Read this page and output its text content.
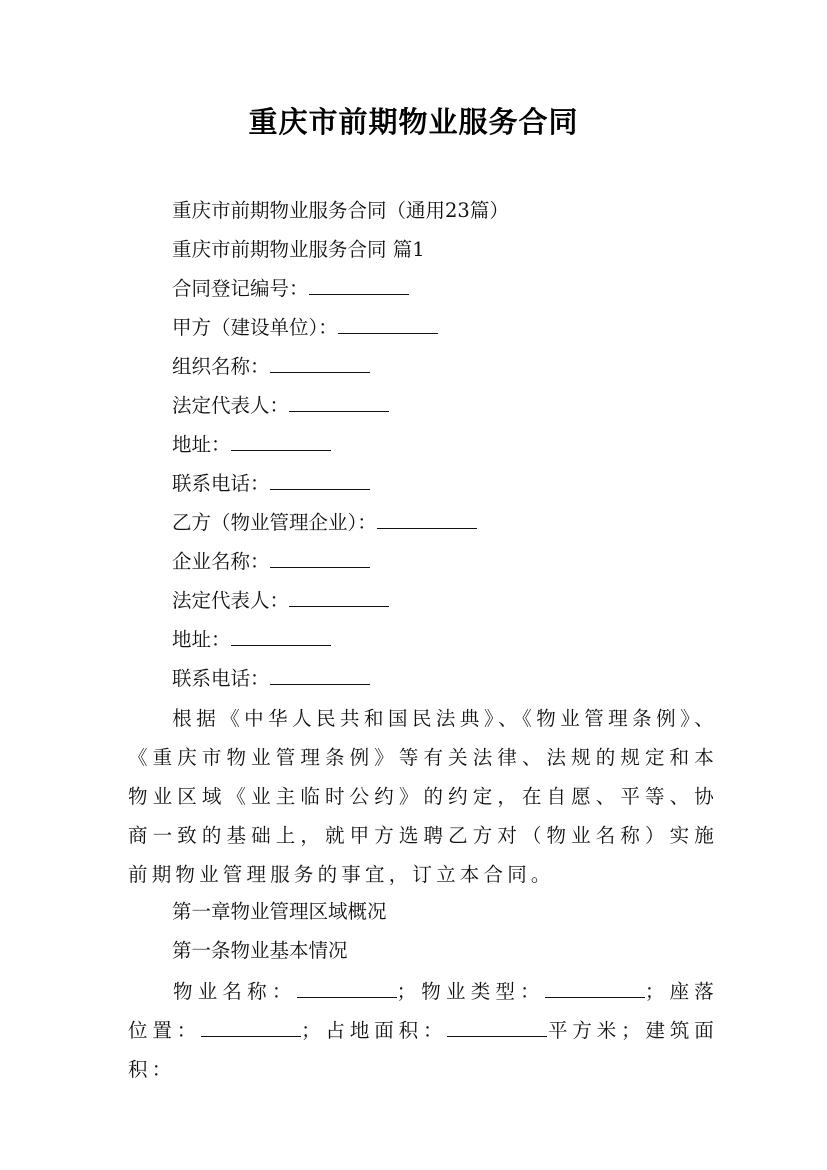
重庆市前期物业服务合同
重庆市前期物业服务合同（通用23篇）
重庆市前期物业服务合同 篇1
合同登记编号：
甲方（建设单位）：
组织名称：
法定代表人：
地址：
联系电话：
乙方（物业管理企业）：
企业名称：
法定代表人：
地址：
联系电话：
根据《中华人民共和国民法典》、《物业管理条例》、《重庆市物业管理条例》等有关法律、法规的规定和本物业区域《业主临时公约》的约定，在自愿、平等、协商一致的基础上，就甲方选聘乙方对（物业名称）实施前期物业管理服务的事宜，订立本合同。
第一章物业管理区域概况
第一条物业基本情况
物业名称：	；物业类型：	；座落位置：	；占地面积：	平方米；建筑面积：
